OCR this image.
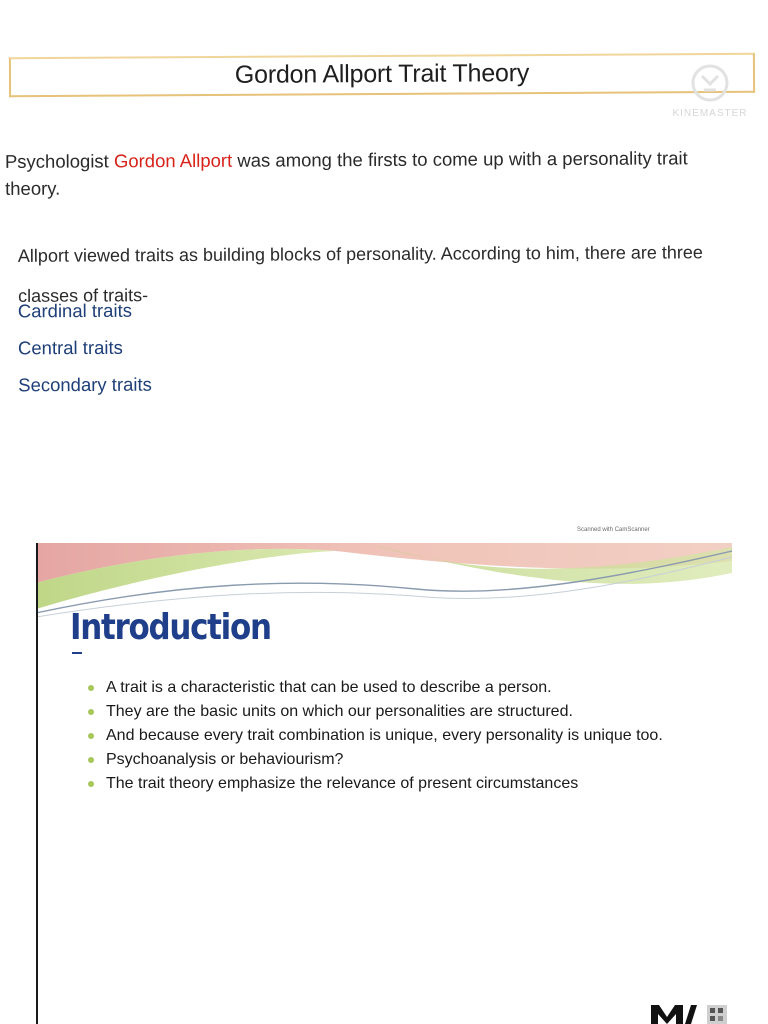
Gordon Allport Trait Theory
KINEMASTER

Psychologist Gordon Allport was among the firsts to come up with a personality trait theory.

Allport viewed traits as building blocks of personality. According to him, there are three classes of traits-

Cardinal traits
Central traits
Secondary traits
Scanned with CamScanner
Introduction
A trait is a characteristic that can be used to describe a person.
They are the basic units on which our personalities are structured.
And because every trait combination is unique, every personality is unique too.
Psychoanalysis or behaviourism?
The trait theory emphasize the relevance of present circumstances
